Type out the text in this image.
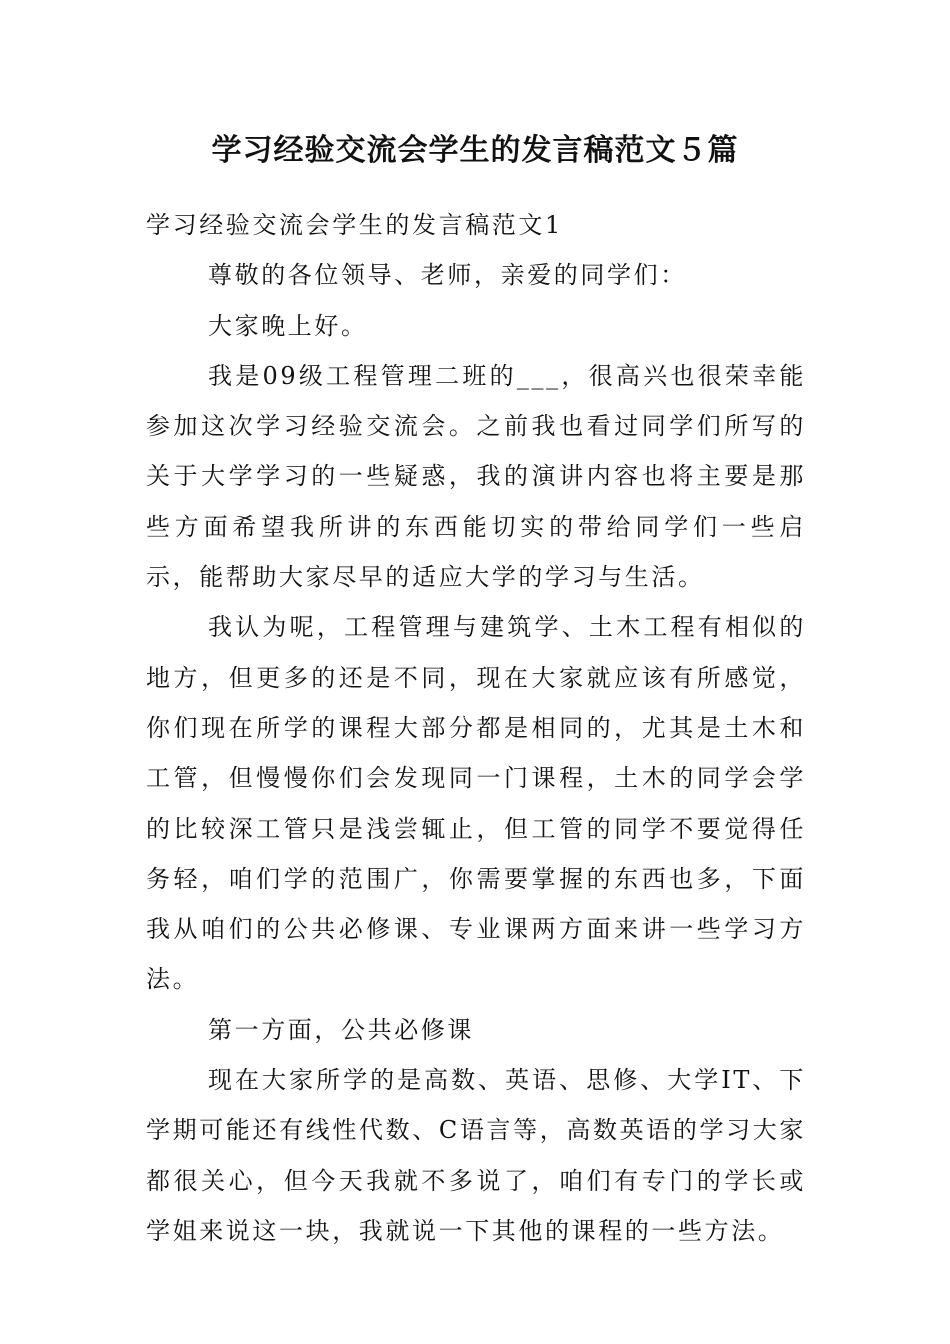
学习经验交流会学生的发言稿范文５篇

学习经验交流会学生的发言稿范文1

尊敬的各位领导、老师，亲爱的同学们：

大家晚上好。

我是09级工程管理二班的___，很高兴也很荣幸能参加这次学习经验交流会。之前我也看过同学们所写的关于大学学习的一些疑惑，我的演讲内容也将主要是那些方面希望我所讲的东西能切实的带给同学们一些启示，能帮助大家尽早的适应大学的学习与生活。

我认为呢，工程管理与建筑学、土木工程有相似的地方，但更多的还是不同，现在大家就应该有所感觉，你们现在所学的课程大部分都是相同的，尤其是土木和工管，但慢慢你们会发现同一门课程，土木的同学会学的比较深工管只是浅尝辄止，但工管的同学不要觉得任务轻，咱们学的范围广，你需要掌握的东西也多，下面我从咱们的公共必修课、专业课两方面来讲一些学习方法。

第一方面，公共必修课

现在大家所学的是高数、英语、思修、大学IT、下学期可能还有线性代数、C语言等，高数英语的学习大家都很关心，但今天我就不多说了，咱们有专门的学长或学姐来说这一块，我就说一下其他的课程的一些方法。
